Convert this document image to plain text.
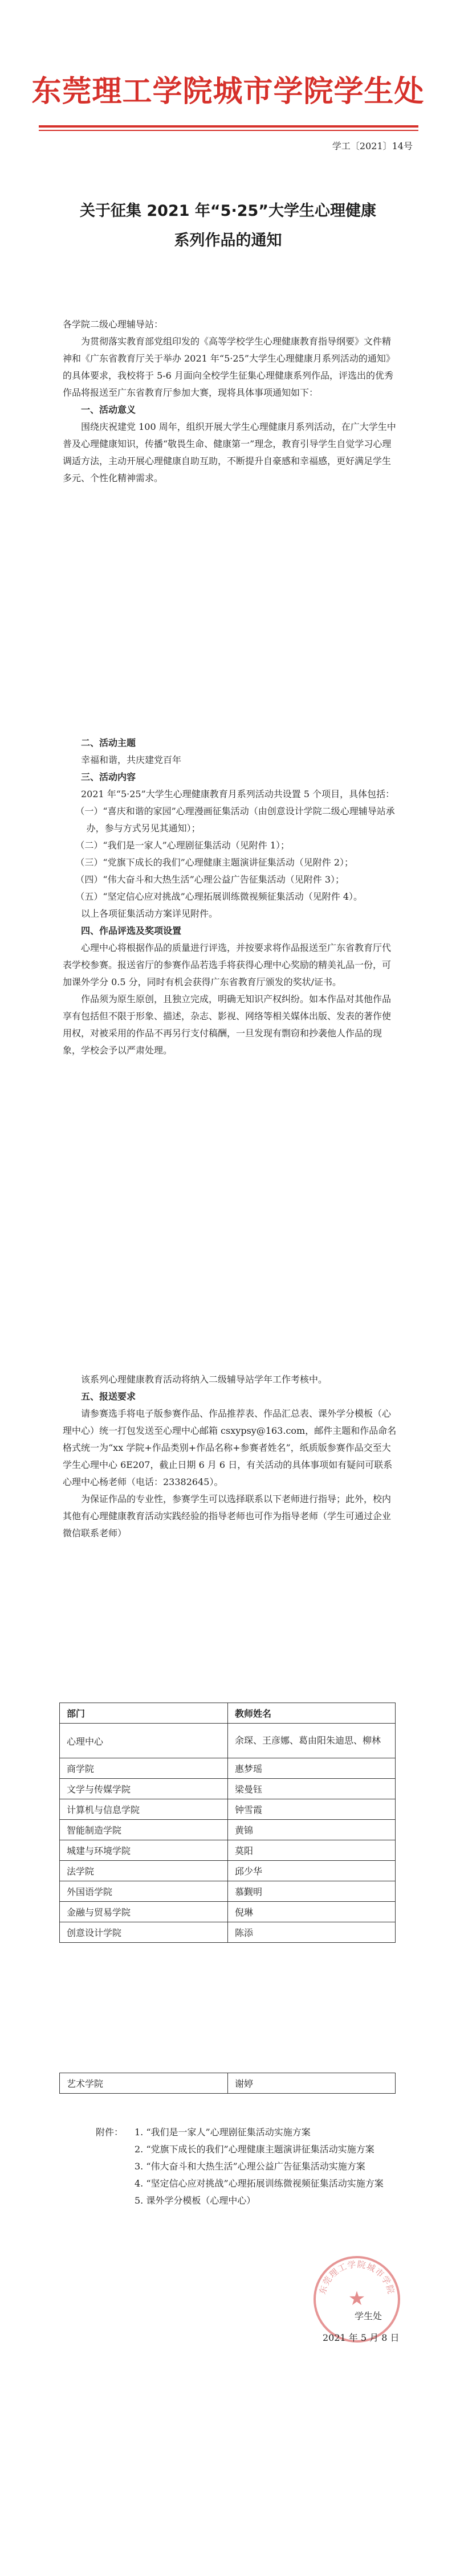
东莞理工学院城市学院学生处
学工〔2021〕14号
关于征集 2021 年“5·25”大学生心理健康
系列作品的通知

各学院二级心理辅导站：

为贯彻落实教育部党组印发的《高等学校学生心理健康教育指导纲要》文件精神和《广东省教育厅关于举办 2021 年“5·25”大学生心理健康月系列活动的通知》的具体要求，我校将于 5-6 月面向全校学生征集心理健康系列作品，评选出的优秀作品将报送至广东省教育厅参加大赛，现将具体事项通知如下：

一、活动意义

围绕庆祝建党 100 周年，组织开展大学生心理健康月系列活动，在广大学生中普及心理健康知识，传播“敬畏生命、健康第一”理念，教育引导学生自觉学习心理调适方法，主动开展心理健康自助互助，不断提升自豪感和幸福感，更好满足学生多元、个性化精神需求。

二、活动主题

幸福和谐，共庆建党百年

三、活动内容

2021 年“5·25”大学生心理健康教育月系列活动共设置 5 个项目，具体包括：

（一）“喜庆和谐的家园”心理漫画征集活动（由创意设计学院二级心理辅导站承办，参与方式另见其通知）；

（二）“我们是一家人”心理剧征集活动（见附件 1）；

（三）“党旗下成长的我们”心理健康主题演讲征集活动（见附件 2）；

（四）“伟大奋斗和大热生活”心理公益广告征集活动（见附件 3）；

（五）“坚定信心应对挑战”心理拓展训练微视频征集活动（见附件 4）。

以上各项征集活动方案详见附件。

四、作品评选及奖项设置

心理中心将根据作品的质量进行评选，并按要求将作品报送至广东省教育厅代表学校参赛。报送省厅的参赛作品若选手将获得心理中心奖励的精美礼品一份，可加课外学分 0.5 分，同时有机会获得广东省教育厅颁发的奖状/证书。

作品须为原生原创，且独立完成，明确无知识产权纠纷。如本作品对其他作品享有包括但不限于形象、描述，杂志、影视、网络等相关媒体出版、发表的著作使用权，对被采用的作品不再另行支付稿酬，一旦发现有剽窃和抄袭他人作品的现象，学校会予以严肃处理。

该系列心理健康教育活动将纳入二级辅导站学年工作考核中。

五、报送要求

请参赛选手将电子版参赛作品、作品推荐表、作品汇总表、课外学分模板（心理中心）统一打包发送至心理中心邮箱 csxypsy@163.com，邮件主题和作品命名格式统一为“xx 学院+作品类别+作品名称+参赛者姓名”，纸质版参赛作品交至大学生心理中心 6E207，截止日期 6 月 6 日，有关活动的具体事项如有疑问可联系心理中心杨老师（电话：23382645）。

为保证作品的专业性，参赛学生可以选择联系以下老师进行指导；此外，校内其他有心理健康教育活动实践经验的指导老师也可作为指导老师（学生可通过企业微信联系老师）

部门	教师姓名
心理中心	余琛、王彦娜、葛由阳朱迪思、柳林
商学院	惠梦瑶
文学与传媒学院	梁曼钰
计算机与信息学院	钟雪霞
智能制造学院	黄锦
城建与环境学院	莫阳
法学院	邱少华
外国语学院	慕觐明
金融与贸易学院	倪琳
创意设计学院	陈添
艺术学院	谢婷
附件：	1. “我们是一家人”心理剧征集活动实施方案
2. “党旗下成长的我们”心理健康主题演讲征集活动实施方案
3. “伟大奋斗和大热生活”心理公益广告征集活动实施方案
4. “坚定信心应对挑战”心理拓展训练微视频征集活动实施方案
5. 课外学分模板（心理中心）
东莞理工学院城市学院
★
学生处
2021 年 5 月 8 日
